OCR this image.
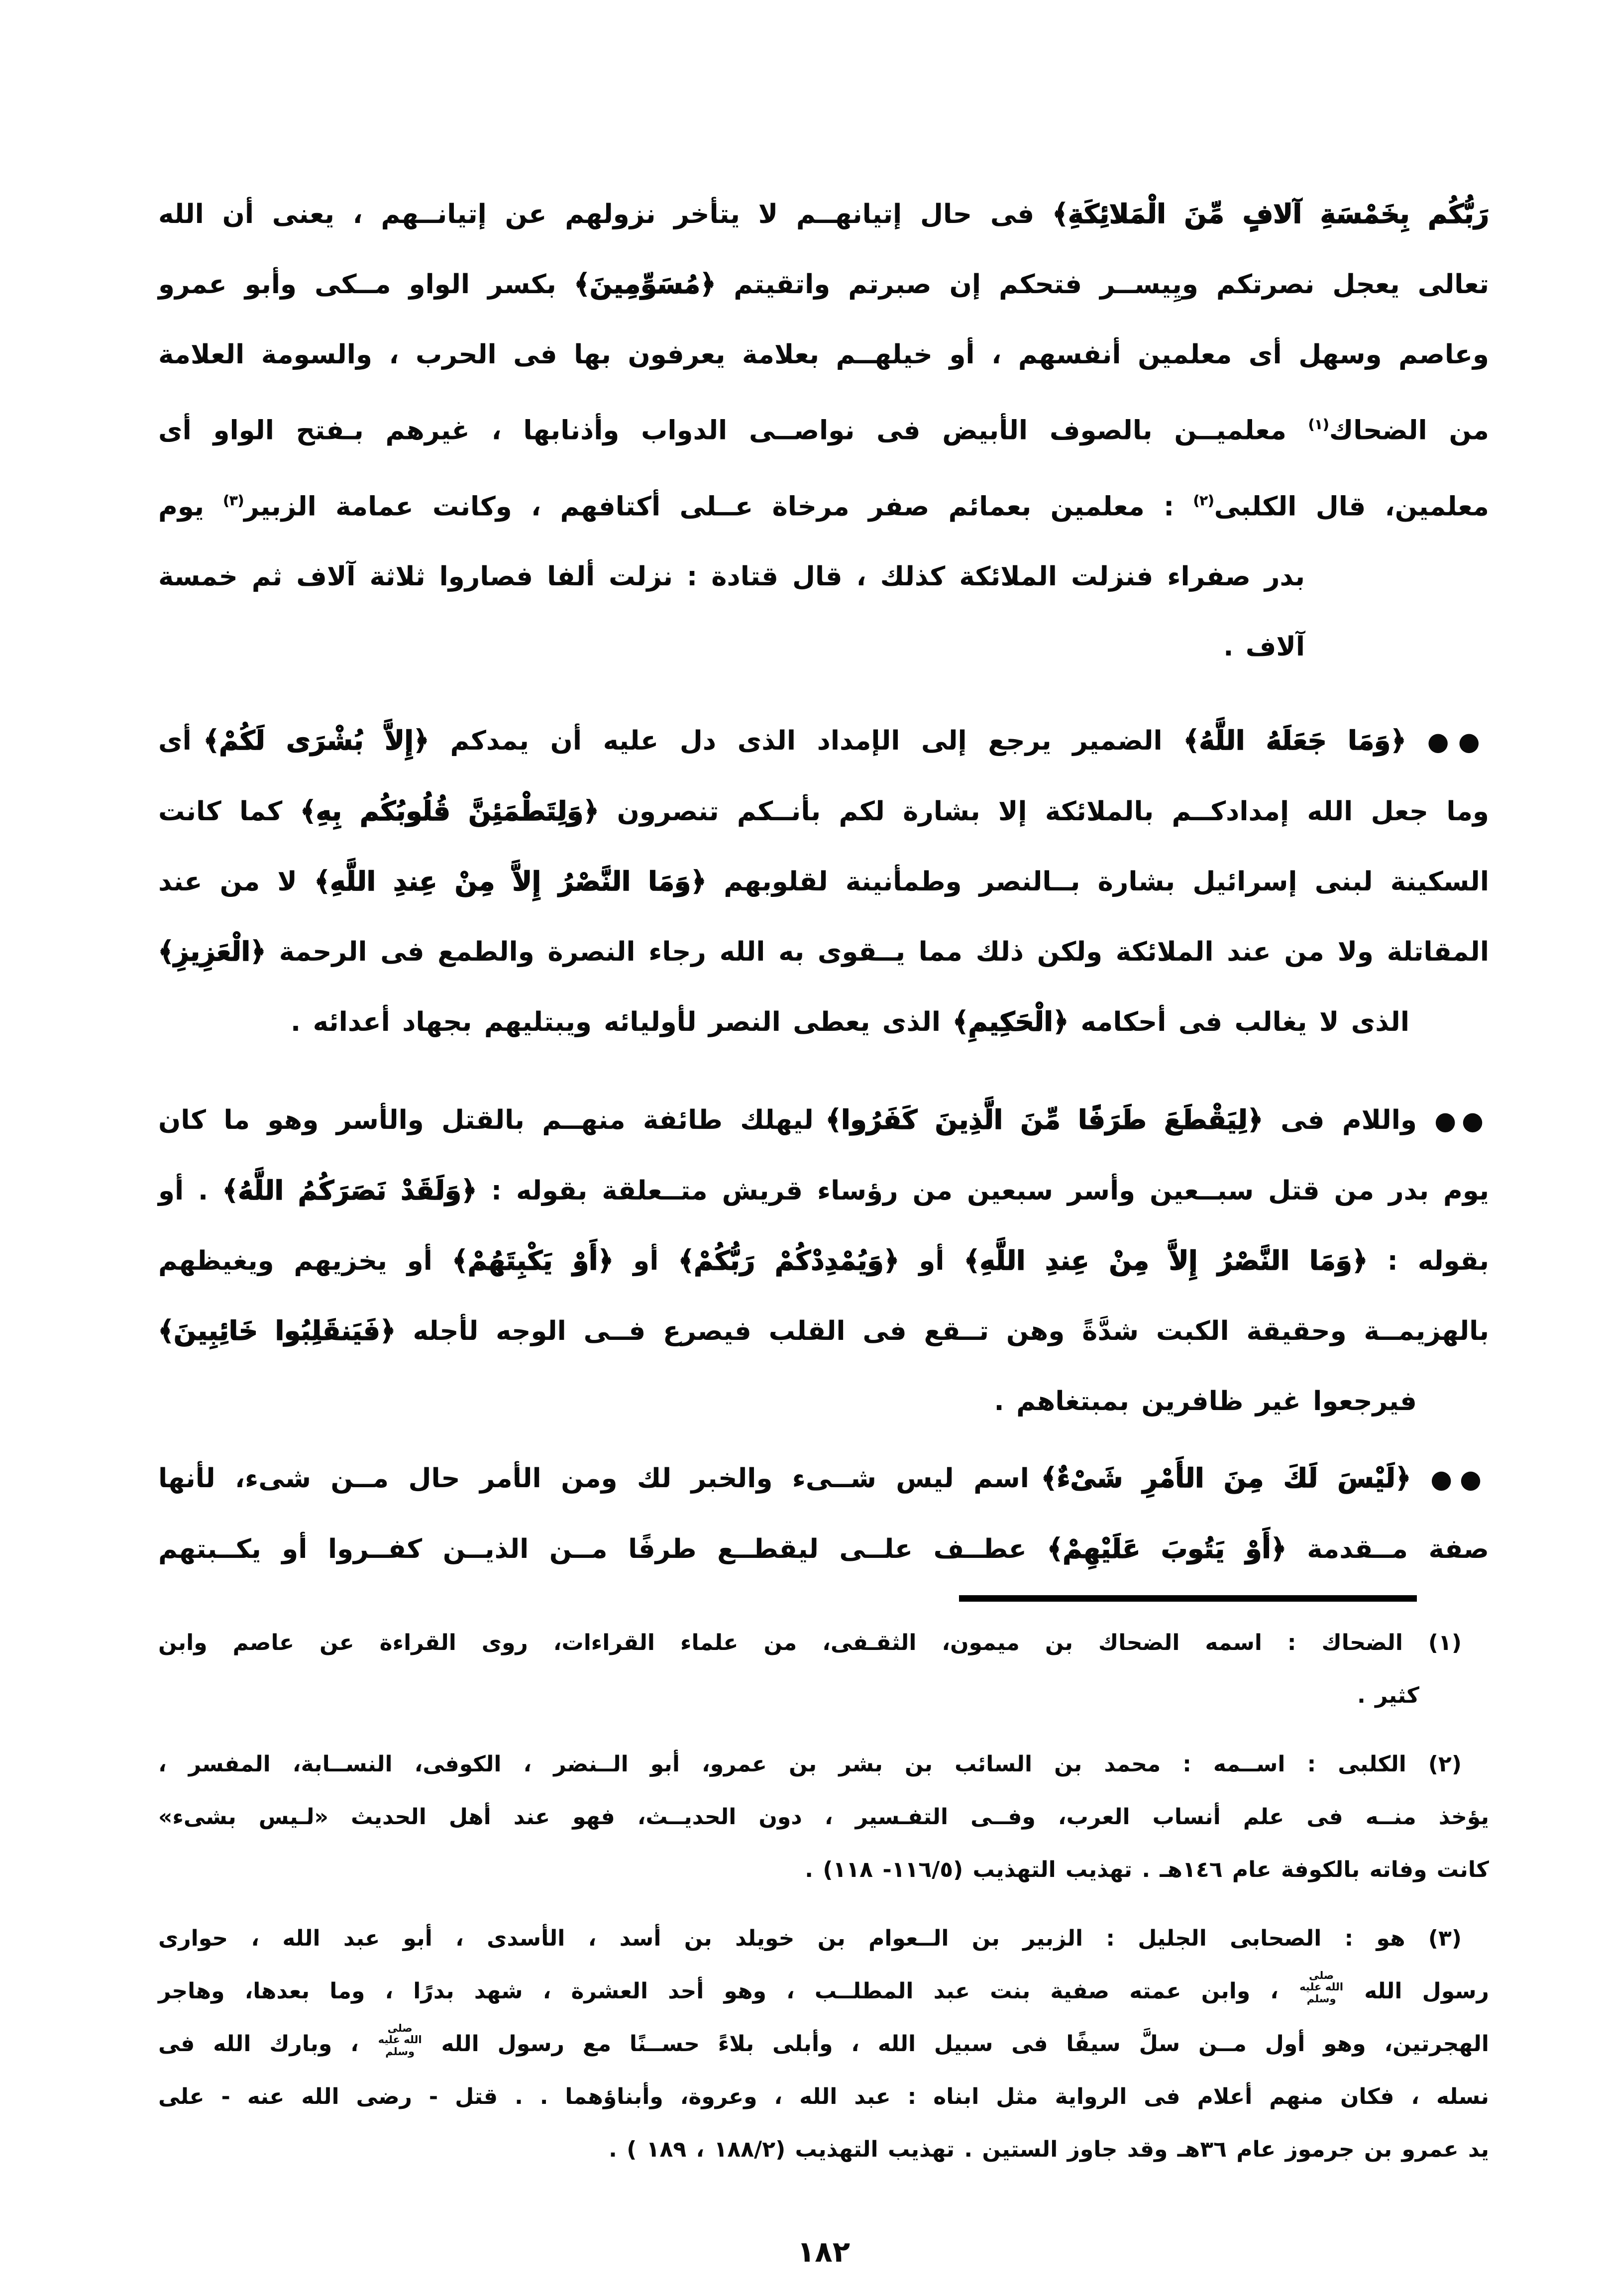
رَبُّكُم بِخَمْسَةِ آلافٍ مِّنَ الْمَلائِكَةِ﴾ فى حال إتيانهــم لا يتأخر نزولهم عن إتيانــهم ، يعنى أن الله
تعالى يعجل نصرتكم ويِيســر فتحكم إن صبرتم واتقيتم ﴿مُسَوِّمِينَ﴾ بكسر الواو مــكى وأبو عمرو
وعاصم وسهل أى معلمين أنفسهم ، أو خيلهــم بعلامة يعرفون بها فى الحرب ، والسومة العلامة
من الضحاك$^{(١)}$ معلميــن بالصوف الأبيض فى نواصــى الدواب وأذنابها ، غيرهم بـفتح الواو أى
معلمين، قال الكلبى$^{(٢)}$ : معلمين بعمائم صفر مرخاة عــلى أكتافهم ، وكانت عمامة الزبير$^{(٣)}$ يوم
بدر صفراء فنزلت الملائكة كذلك ، قال قتادة : نزلت ألفا فصاروا ثلاثة آلاف ثم خمسة آلاف .
●● ﴿وَمَا جَعَلَهُ اللَّهُ﴾ الضمير يرجع إلى الإمداد الذى دل عليه أن يمدكم ﴿إِلاَّ بُشْرَى لَكُمْ﴾ أى
وما جعل الله إمدادكــم بالملائكة إلا بشارة لكم بأنــكم تنصرون ﴿وَلِتَطْمَئِنَّ قُلُوبُكُم بِهِ﴾ كما كانت
السكينة لبنى إسرائيل بشارة بــالنصر وطمأنينة لقلوبهم ﴿وَمَا النَّصْرُ إِلاَّ مِنْ عِندِ اللَّهِ﴾ لا من عند
المقاتلة ولا من عند الملائكة ولكن ذلك مما يــقوى به الله رجاء النصرة والطمع فى الرحمة ﴿الْعَزِيزِ﴾
الذى لا يغالب فى أحكامه ﴿الْحَكِيمِ﴾ الذى يعطى النصر لأوليائه ويبتليهم بجهاد أعدائه .
●● واللام فى ﴿لِيَقْطَعَ طَرَفًا مِّنَ الَّذِينَ كَفَرُوا﴾ ليهلك طائفة منهــم بالقتل والأسر وهو ما كان
يوم بدر من قتل سبــعين وأسر سبعين من رؤساء قريش متــعلقة بقوله : ﴿وَلَقَدْ نَصَرَكُمُ اللَّهُ﴾ . أو
بقوله : ﴿وَمَا النَّصْرُ إِلاَّ مِنْ عِندِ اللَّهِ﴾ أو ﴿وَيُمْدِدْكُمْ رَبُّكُمْ﴾ أو ﴿أَوْ يَكْبِتَهُمْ﴾ أو يخزيهم ويغيظهم
بالهزيمــة وحقيقة الكبت شدَّةً وهن تــقع فى القلب فيصرع فــى الوجه لأجله ﴿فَيَنقَلِبُوا خَائِبِينَ﴾
فيرجعوا غير ظافرين بمبتغاهم .
●● ﴿لَيْسَ لَكَ مِنَ الأَمْرِ شَىْءٌ﴾ اسم ليس شــىء والخبر لك ومن الأمر حال مــن شىء، لأنها
صفة مــقدمة ﴿أَوْ يَتُوبَ عَلَيْهِمْ﴾ عطــف علــى ليقطــع طرفًا مــن الذيــن كفــروا أو يكــبتهم
(١) الضحاك : اسمه الضحاك بن ميمون، الثقـفى، من علماء القراءات، روى القراءة عن عاصم وابن
كثير .
(٢) الكلبى : اســمه : محمد بن السائب بن بشر بن عمرو، أبو الــنضر ، الكوفى، النســابة، المفسر ،
يؤخذ منــه فى علم أنساب العرب، وفــى التفـسير ، دون الحديــث، فهو عند أهل الحديث «لـيس بشىء»
كانت وفاته بالكوفة عام ١٤٦هـ . تهذيب التهذيب (١١٦/٥- ١١٨) .
(٣) هو : الصحابى الجليل : الزبير بن الــعوام بن خويلد بن أسد ، الأسدى ، أبو عبد الله ، حوارى
رسول الله صلى الله عليه وسلم ، وابن عمته صفية بنت عبد المطلــب ، وهو أحد العشرة ، شهد بدرًا ، وما بعدها، وهاجر
الهجرتين، وهو أول مــن سلَّ سيفًا فى سبيل الله ، وأبلى بلاءً حســنًا مع رسول الله صلى الله عليه وسلم ، وبارك الله فى
نسله ، فكان منهم أعلام فى الرواية مثل ابناه : عبد الله ، وعروة، وأبناؤهما . . قتل - رضى الله عنه - على
يد عمرو بن جرموز عام ٣٦هـ وقد جاوز الستين . تهذيب التهذيب (١٨٨/٢ ، ١٨٩ ) .
١٨٢
